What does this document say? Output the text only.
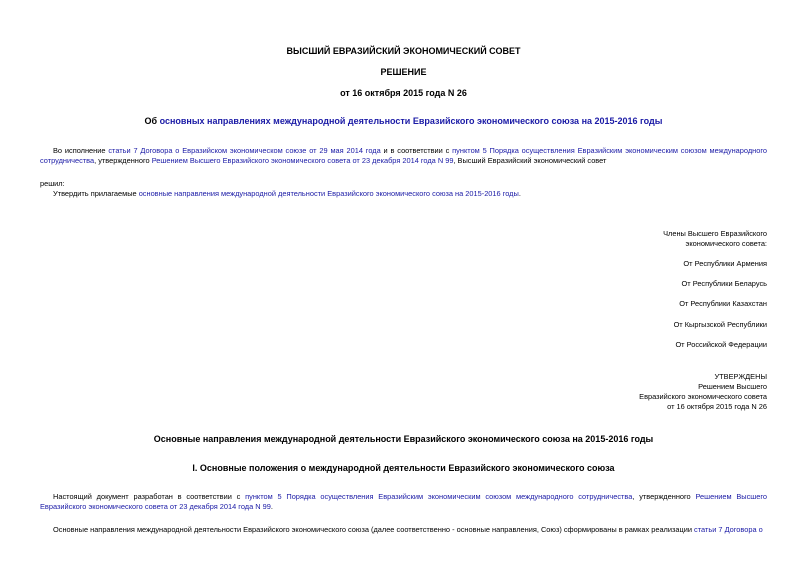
ВЫСШИЙ ЕВРАЗИЙСКИЙ ЭКОНОМИЧЕСКИЙ СОВЕТ
РЕШЕНИЕ
от 16 октября 2015 года N 26
Об основных направлениях международной деятельности Евразийского экономического союза на 2015-2016 годы
Во исполнение статьи 7 Договора о Евразийском экономическом союзе от 29 мая 2014 года и в соответствии с пунктом 5 Порядка осуществления Евразийским экономическим союзом международного сотрудничества, утвержденного Решением Высшего Евразийского экономического совета от 23 декабря 2014 года N 99, Высший Евразийский экономический совет
решил:
Утвердить прилагаемые основные направления международной деятельности Евразийского экономического союза на 2015-2016 годы.
Члены Высшего Евразийского
экономического совета:
От Республики Армения
От Республики Беларусь
От Республики Казахстан
От Кыргызской Республики
От Российской Федерации
УТВЕРЖДЕНЫ
Решением Высшего
Евразийского экономического совета
от 16 октября 2015 года N 26
Основные направления международной деятельности Евразийского экономического союза на 2015-2016 годы
I. Основные положения о международной деятельности Евразийского экономического союза
Настоящий документ разработан в соответствии с пунктом 5 Порядка осуществления Евразийским экономическим союзом международного сотрудничества, утвержденного Решением Высшего Евразийского экономического совета от 23 декабря 2014 года N 99.
Основные направления международной деятельности Евразийского экономического союза (далее соответственно - основные направления, Союз) сформированы в рамках реализации статьи 7 Договора о
